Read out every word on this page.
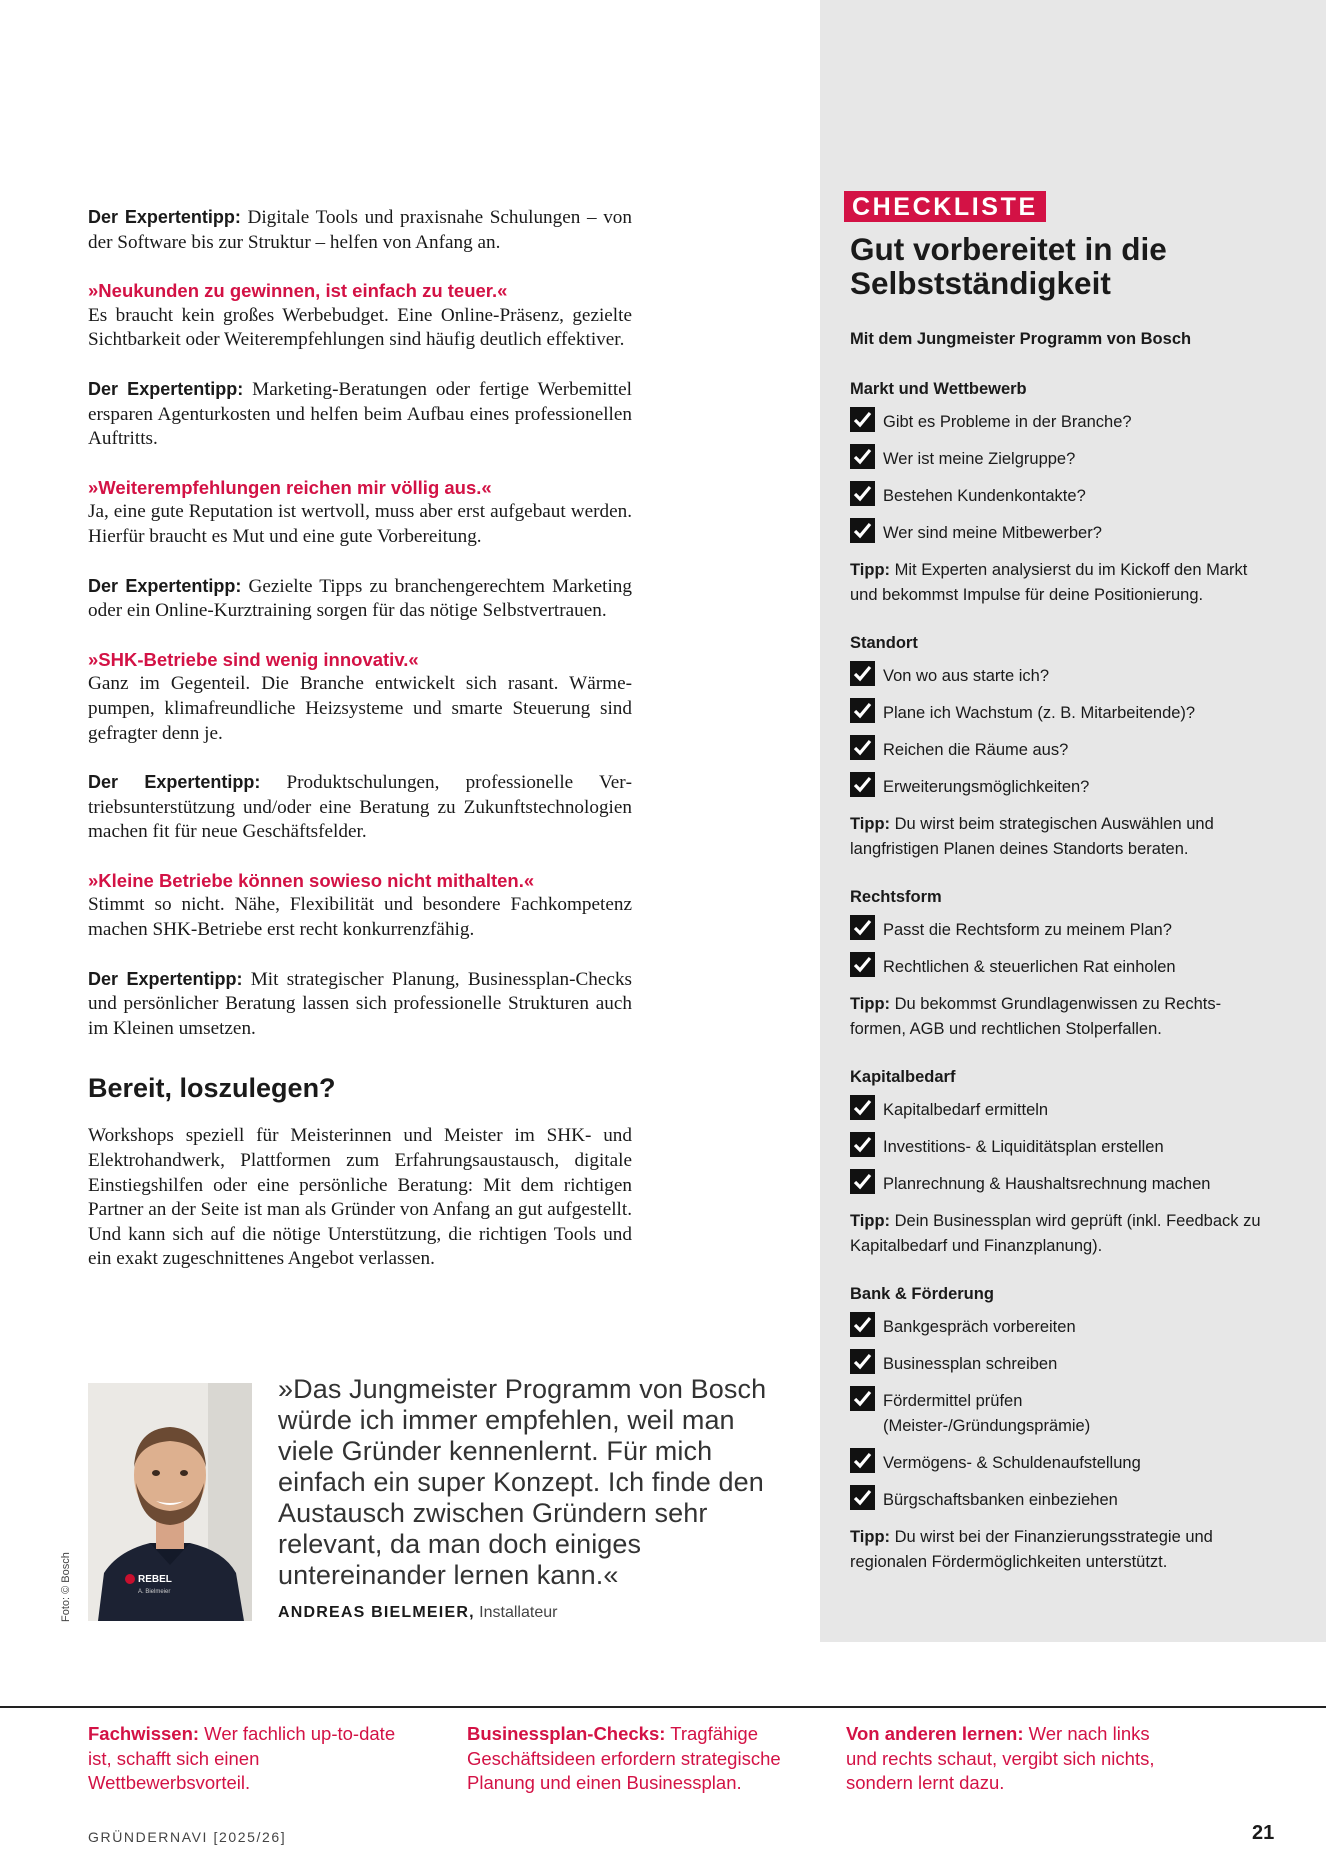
Der Expertentipp: Digitale Tools und praxisnahe Schulungen – von der Software bis zur Struktur – helfen von Anfang an.

»Neukunden zu gewinnen, ist einfach zu teuer.«
Es braucht kein großes Werbebudget. Eine Online-Präsenz, gezielte Sichtbarkeit oder Weiterempfehlungen sind häufig deutlich effektiver.

Der Expertentipp: Marketing-Beratungen oder fertige Werbemittel ersparen Agenturkosten und helfen beim Aufbau eines professionellen Auftritts.

»Weiterempfehlungen reichen mir völlig aus.«
Ja, eine gute Reputation ist wertvoll, muss aber erst aufgebaut werden. Hierfür braucht es Mut und eine gute Vorbereitung.

Der Expertentipp: Gezielte Tipps zu branchengerechtem Marketing oder ein Online-Kurztraining sorgen für das nötige Selbstvertrauen.

»SHK-Betriebe sind wenig innovativ.«
Ganz im Gegenteil. Die Branche entwickelt sich rasant. Wärmepumpen, klimafreundliche Heizsysteme und smarte Steuerung sind gefragter denn je.

Der Expertentipp: Produktschulungen, professionelle Vertriebsunterstützung und/oder eine Beratung zu Zukunftstechnologien machen fit für neue Geschäftsfelder.

»Kleine Betriebe können sowieso nicht mithalten.«
Stimmt so nicht. Nähe, Flexibilität und besondere Fachkompetenz machen SHK-Betriebe erst recht konkurrenzfähig.

Der Expertentipp: Mit strategischer Planung, Businessplan-Checks und persönlicher Beratung lassen sich professionelle Strukturen auch im Kleinen umsetzen.

Bereit, loszulegen?

Workshops speziell für Meisterinnen und Meister im SHK- und Elektrohandwerk, Plattformen zum Erfahrungsaustausch, digitale Einstiegshilfen oder eine persönliche Beratung: Mit dem richtigen Partner an der Seite ist man als Gründer von Anfang an gut aufgestellt. Und kann sich auf die nötige Unterstützung, die richtigen Tools und ein exakt zugeschnittenes Angebot verlassen.

REBEL
A. Bielmeier
Foto: © Bosch
»Das Jungmeister Programm von Bosch würde ich immer empfehlen, weil man viele Gründer kennenlernt. Für mich einfach ein super Konzept. Ich finde den Austausch zwischen Gründern sehr relevant, da man doch einiges untereinander lernen kann.«
ANDREAS BIELMEIER, Installateur
CHECKLISTE
Gut vorbereitet in die Selbstständigkeit
Mit dem Jungmeister Programm von Bosch
Markt und Wettbewerb
Gibt es Probleme in der Branche?
Wer ist meine Zielgruppe?
Bestehen Kundenkontakte?
Wer sind meine Mitbewerber?
Tipp: Mit Experten analysierst du im Kickoff den Markt und bekommst Impulse für deine Positionierung.
Standort
Von wo aus starte ich?
Plane ich Wachstum (z. B. Mitarbeitende)?
Reichen die Räume aus?
Erweiterungsmöglichkeiten?
Tipp: Du wirst beim strategischen Auswählen und langfristigen Planen deines Standorts beraten.
Rechtsform
Passt die Rechtsform zu meinem Plan?
Rechtlichen & steuerlichen Rat einholen
Tipp: Du bekommst Grundlagenwissen zu Rechtsformen, AGB und rechtlichen Stolperfallen.
Kapitalbedarf
Kapitalbedarf ermitteln
Investitions- & Liquiditätsplan erstellen
Planrechnung & Haushaltsrechnung machen
Tipp: Dein Businessplan wird geprüft (inkl. Feedback zu Kapitalbedarf und Finanzplanung).
Bank & Förderung
Bankgespräch vorbereiten
Businessplan schreiben
Fördermittel prüfen (Meister-/Gründungsprämie)
Vermögens- & Schuldenaufstellung
Bürgschaftsbanken einbeziehen
Tipp: Du wirst bei der Finanzierungsstrategie und regionalen Fördermöglichkeiten unterstützt.
Fachwissen: Wer fachlich up-to-date ist, schafft sich einen Wettbewerbsvorteil.
Businessplan-Checks: Tragfähige Geschäftsideen erfordern strategische Planung und einen Businessplan.
Von anderen lernen: Wer nach links und rechts schaut, vergibt sich nichts, sondern lernt dazu.
GRÜNDERNAVI [2025/26]	21
